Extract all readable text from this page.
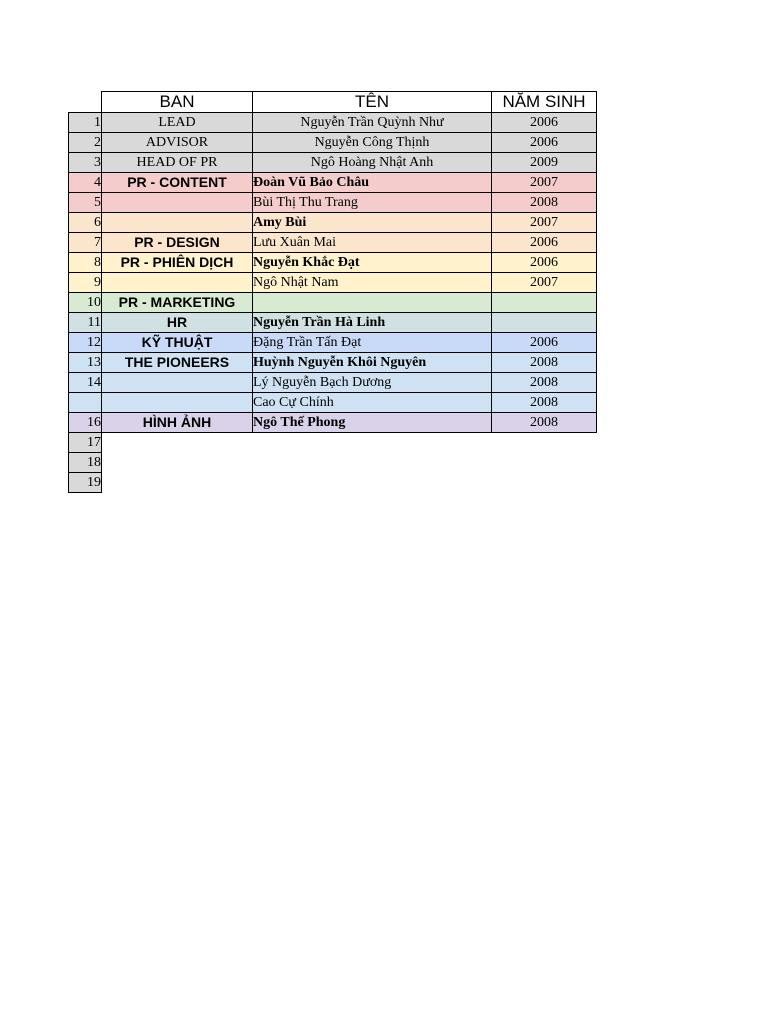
	BAN	TÊN	NĂM SINH
1	LEAD	Nguyễn Trần Quỳnh Như	2006
2	ADVISOR	Nguyễn Công Thịnh	2006
3	HEAD OF PR	Ngô Hoàng Nhật Anh	2009
4	PR - CONTENT	Đoàn Vũ Bảo Châu	2007
5		Bùi Thị Thu Trang	2008
6		Amy Bùi	2007
7	PR - DESIGN	Lưu Xuân Mai	2006
8	PR - PHIÊN DỊCH	Nguyễn Khắc Đạt	2006
9		Ngô Nhật Nam	2007
10	PR - MARKETING		
11	HR	Nguyễn Trần Hà Linh	
12	KỸ THUẬT	Đặng Trần Tấn Đạt	2006
13	THE PIONEERS	Huỳnh Nguyễn Khôi Nguyên	2008
14		Lý Nguyễn Bạch Dương	2008
		Cao Cự Chính	2008
16	HÌNH ẢNH	Ngô Thế Phong	2008
17			
18			
19			
